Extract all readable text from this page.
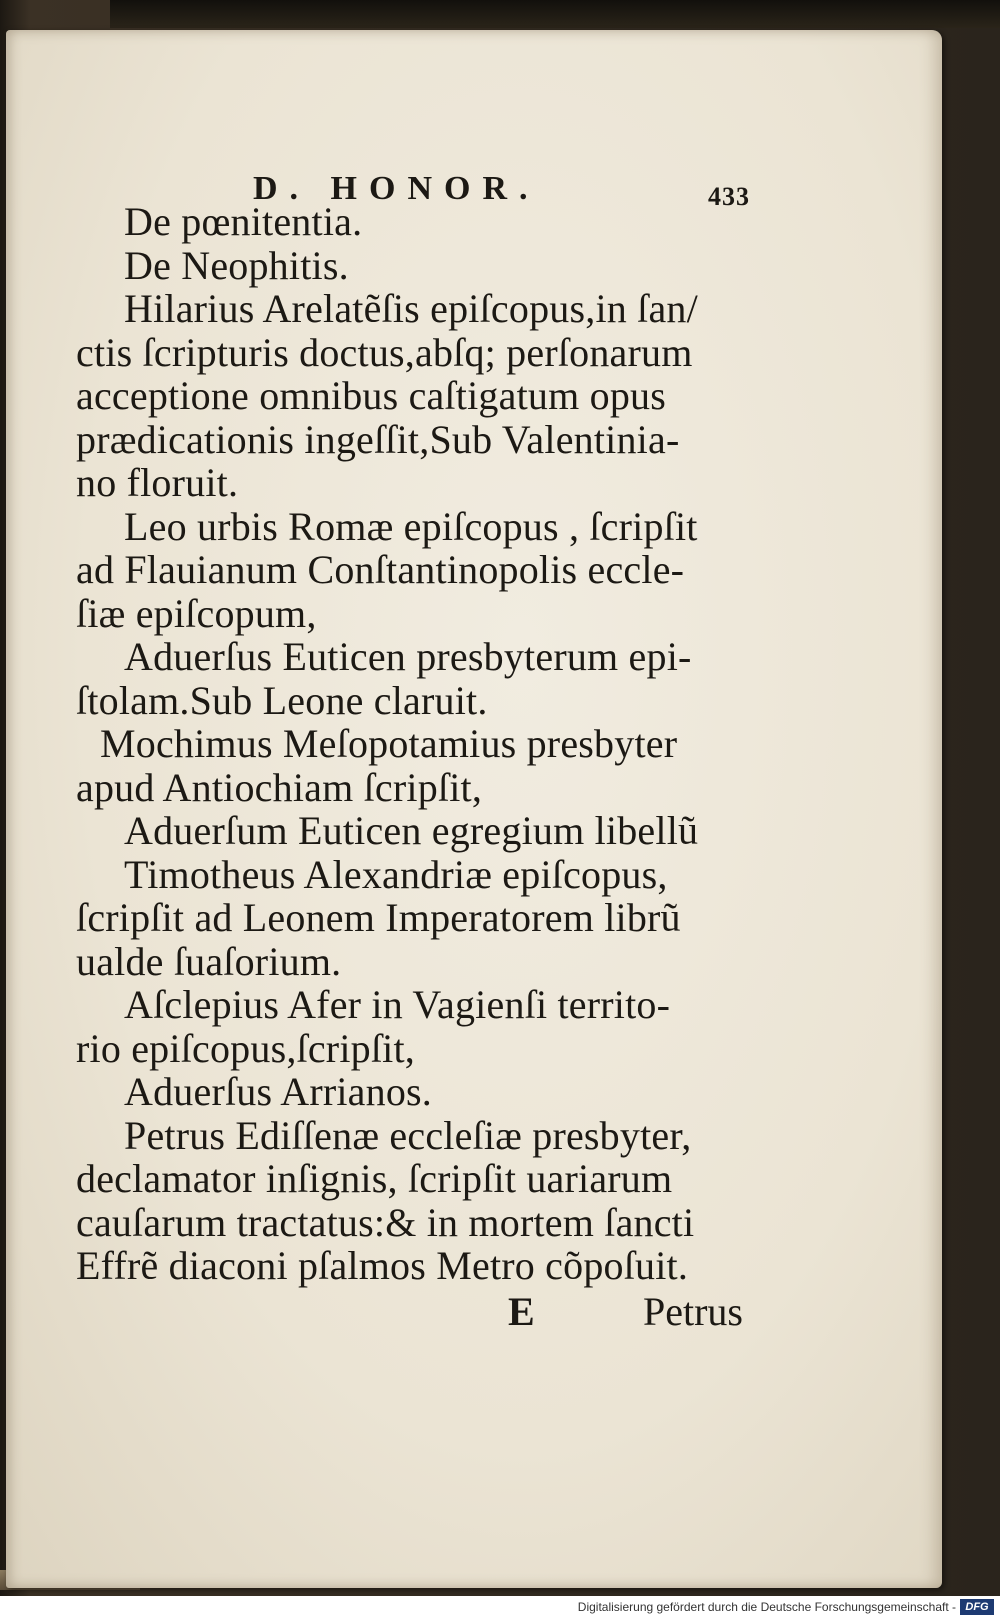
D. HONOR.	433
De pœnitentia.
De Neophitis.
Hilarius Arelatẽſis epiſcopus,in ſan/
ctis ſcripturis doctus,abſq; perſonarum
acceptione omnibus caſtigatum opus
prædicationis ingeſſit,Sub Valentinia-
no floruit.
Leo urbis Romæ epiſcopus , ſcripſit
ad Flauianum Conſtantinopolis eccle-
ſiæ epiſcopum,
Aduerſus Euticen presbyterum epi-
ſtolam.Sub Leone claruit.
Mochimus Meſopotamius presbyter
apud Antiochiam ſcripſit,
Aduerſum Euticen egregium libellũ
Timotheus Alexandriæ epiſcopus,
ſcripſit ad Leonem Imperatorem librũ
ualde ſuaſorium.
Aſclepius Afer in Vagienſi territo-
rio epiſcopus,ſcripſit,
Aduerſus Arrianos.
Petrus Ediſſenæ eccleſiæ presbyter,
declamator inſignis, ſcripſit uariarum
cauſarum tractatus:& in mortem ſancti
Effrẽ diaconi pſalmos Metro cõpoſuit.
E	Petrus
Digitalisierung gefördert durch die Deutsche Forschungsgemeinschaft - DFG
